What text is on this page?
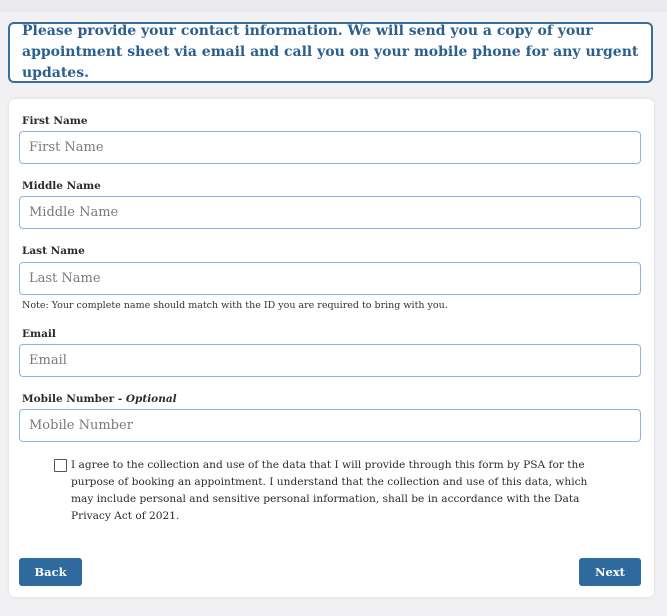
Please provide your contact information. We will send you a copy of your appointment sheet via email and call you on your mobile phone for any urgent updates.

First Name
First Name
Middle Name
Middle Name
Last Name
Last Name
Note: Your complete name should match with the ID you are required to bring with you.
Email
Email
Mobile Number - Optional
Mobile Number

I agree to the collection and use of the data that I will provide through this form by PSA for the purpose of booking an appointment. I understand that the collection and use of this data, which may include personal and sensitive personal information, shall be in accordance with the Data Privacy Act of 2021.

Back	Next
